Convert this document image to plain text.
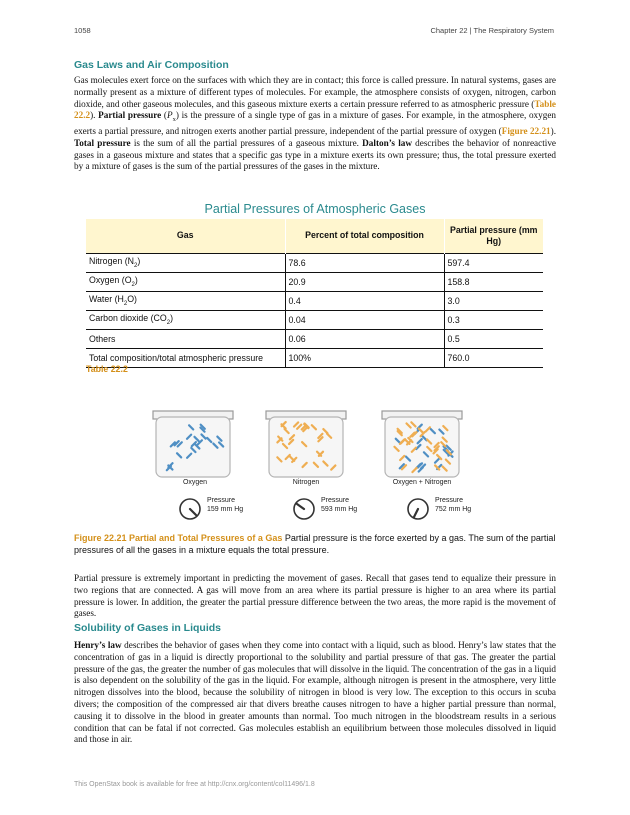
1058	Chapter 22 | The Respiratory System
Gas Laws and Air Composition

Gas molecules exert force on the surfaces with which they are in contact; this force is called pressure. In natural systems, gases are normally present as a mixture of different types of molecules. For example, the atmosphere consists of oxygen, nitrogen, carbon dioxide, and other gaseous molecules, and this gaseous mixture exerts a certain pressure referred to as atmospheric pressure (Table 22.2). Partial pressure $(P_x)$ is the pressure of a single type of gas in a mixture of gases. For example, in the atmosphere, oxygen exerts a partial pressure, and nitrogen exerts another partial pressure, independent of the partial pressure of oxygen (Figure 22.21). Total pressure is the sum of all the partial pressures of a gaseous mixture. Dalton’s law describes the behavior of nonreactive gases in a gaseous mixture and states that a specific gas type in a mixture exerts its own pressure; thus, the total pressure exerted by a mixture of gases is the sum of the partial pressures of the gases in the mixture.

Partial Pressures of Atmospheric Gases
Gas	Percent of total composition	Partial pressure (mm Hg)
Nitrogen $(N_2)$	78.6	597.4
Oxygen $(O_2)$	20.9	158.8
Water $(H_2O)$	0.4	3.0
Carbon dioxide $(CO_2)$	0.04	0.3
Others	0.06	0.5
Total composition/total atmospheric pressure	100%	760.0
Table 22.2
Oxygen	Nitrogen	Oxygen + Nitrogen
Pressure
159 mm Hg
Pressure
593 mm Hg
Pressure
752 mm Hg

Figure 22.21 Partial and Total Pressures of a Gas Partial pressure is the force exerted by a gas. The sum of the partial pressures of all the gases in a mixture equals the total pressure.

Partial pressure is extremely important in predicting the movement of gases. Recall that gases tend to equalize their pressure in two regions that are connected. A gas will move from an area where its partial pressure is higher to an area where its partial pressure is lower. In addition, the greater the partial pressure difference between the two areas, the more rapid is the movement of gases.

Solubility of Gases in Liquids

Henry’s law describes the behavior of gases when they come into contact with a liquid, such as blood. Henry’s law states that the concentration of gas in a liquid is directly proportional to the solubility and partial pressure of that gas. The greater the partial pressure of the gas, the greater the number of gas molecules that will dissolve in the liquid. The concentration of the gas in a liquid is also dependent on the solubility of the gas in the liquid. For example, although nitrogen is present in the atmosphere, very little nitrogen dissolves into the blood, because the solubility of nitrogen in blood is very low. The exception to this occurs in scuba divers; the composition of the compressed air that divers breathe causes nitrogen to have a higher partial pressure than normal, causing it to dissolve in the blood in greater amounts than normal. Too much nitrogen in the bloodstream results in a serious condition that can be fatal if not corrected. Gas molecules establish an equilibrium between those molecules dissolved in liquid and those in air.

This OpenStax book is available for free at http://cnx.org/content/col11496/1.8
